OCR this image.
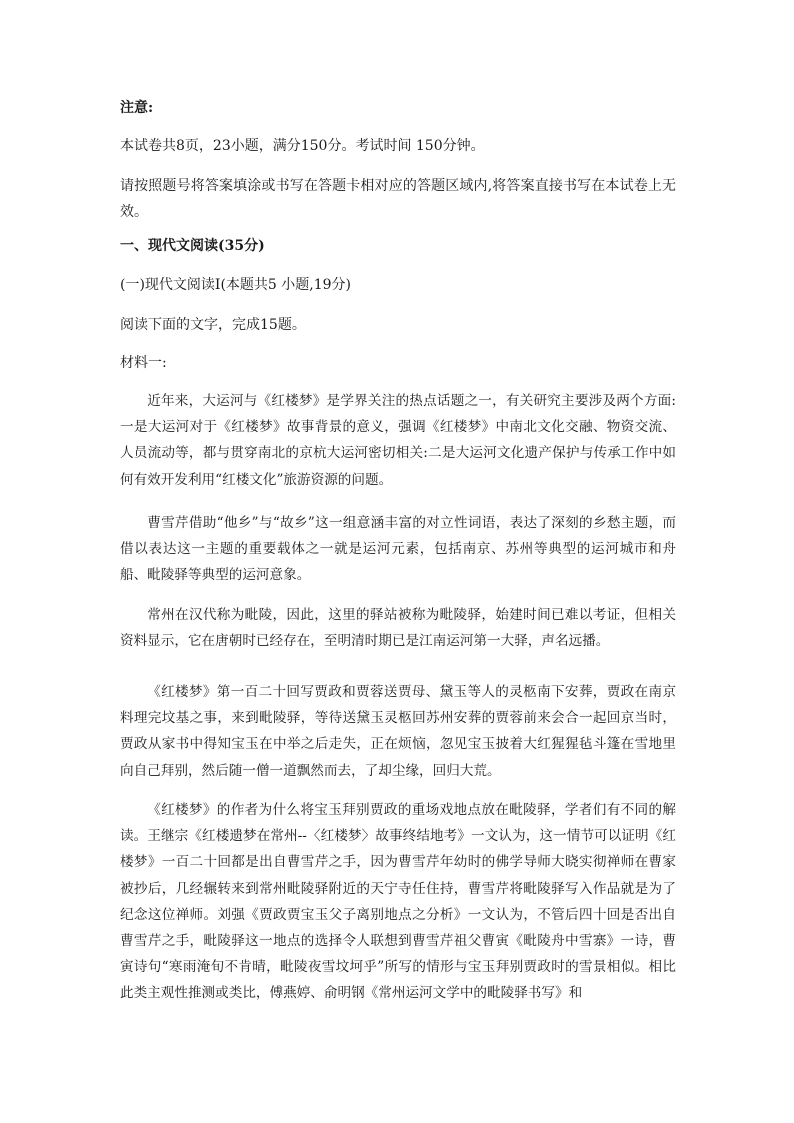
注意:
本试卷共8页，23小题，满分150分。考试时间 150分钟。

请按照题号将答案填涂或书写在答题卡相对应的答题区域内,将答案直接书写在本试卷上无效。

一、现代文阅读(35分)
(一)现代文阅读Ⅰ(本题共5 小题,19分)
阅读下面的文字，完成15题。
材料一:

近年来，大运河与《红楼梦》是学界关注的热点话题之一，有关研究主要涉及两个方面:一是大运河对于《红楼梦》故事背景的意义，强调《红楼梦》中南北文化交融、物资交流、人员流动等，都与贯穿南北的京杭大运河密切相关:二是大运河文化遗产保护与传承工作中如何有效开发利用“红楼文化”旅游资源的问题。

曹雪芹借助“他乡”与“故乡”这一组意涵丰富的对立性词语，表达了深刻的乡愁主题，而借以表达这一主题的重要载体之一就是运河元素，包括南京、苏州等典型的运河城市和舟船、毗陵驿等典型的运河意象。

常州在汉代称为毗陵，因此，这里的驿站被称为毗陵驿，始建时间已难以考证，但相关资料显示，它在唐朝时已经存在，至明清时期已是江南运河第一大驿，声名远播。

《红楼梦》第一百二十回写贾政和贾蓉送贾母、黛玉等人的灵柩南下安葬，贾政在南京料理完坟基之事，来到毗陵驿，等待送黛玉灵柩回苏州安葬的贾蓉前来会合一起回京当时，贾政从家书中得知宝玉在中举之后走失，正在烦恼，忽见宝玉披着大红猩猩毡斗篷在雪地里向自己拜别，然后随一僧一道飘然而去，了却尘缘，回归大荒。

《红楼梦》的作者为什么将宝玉拜别贾政的重场戏地点放在毗陵驿，学者们有不同的解读。王继宗《红楼遗梦在常州--〈红楼梦〉故事终结地考》一文认为，这一情节可以证明《红楼梦》一百二十回都是出自曹雪芹之手，因为曹雪芹年幼时的佛学导师大晓实彻禅师在曹家被抄后，几经辗转来到常州毗陵驿附近的天宁寺任住持，曹雪芹将毗陵驿写入作品就是为了纪念这位禅师。刘强《贾政贾宝玉父子离别地点之分析》一文认为，不管后四十回是否出自曹雪芹之手，毗陵驿这一地点的选择令人联想到曹雪芹祖父曹寅《毗陵舟中雪寨》一诗，曹寅诗句“寒雨淹旬不肯晴，毗陵夜雪坟坷乎”所写的情形与宝玉拜别贾政时的雪景相似。相比此类主观性推测或类比，傅燕婷、俞明钢《常州运河文学中的毗陵驿书写》和
